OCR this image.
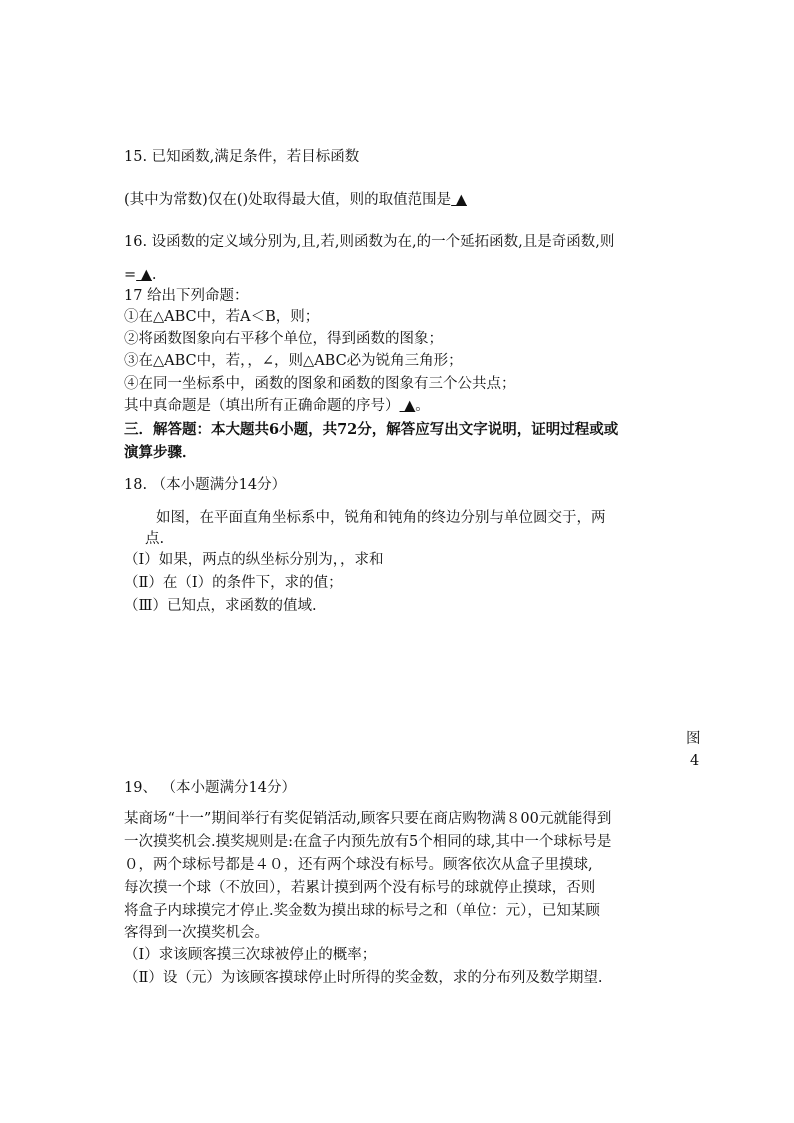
15. 已知函数,满足条件，若目标函数
(其中为常数)仅在()处取得最大值，则的取值范围是 ▲
16. 设函数的定义域分别为,且,若,则函数为在,的一个延拓函数,且是奇函数,则
= ▲.
17 给出下列命题：
①在△ABC中，若A＜B，则；
②将函数图象向右平移个单位，得到函数的图象；
③在△ABC中，若，，∠，则△ABC必为锐角三角形；
④在同一坐标系中，函数的图象和函数的图象有三个公共点；
其中真命题是（填出所有正确命题的序号） ▲。
三．解答题：本大题共6小题，共72分，解答应写出文字说明，证明过程或或
演算步骤．
18. （本小题满分14分）
如图，在平面直角坐标系中，锐角和钝角的终边分别与单位圆交于，两
点.
（Ⅰ）如果，两点的纵坐标分别为，，求和
（Ⅱ）在（Ⅰ）的条件下，求的值；
（Ⅲ）已知点，求函数的值域.
图
4
19、 （本小题满分14分）
某商场“十一”期间举行有奖促销活动,顾客只要在商店购物满８00元就能得到
一次摸奖机会.摸奖规则是:在盒子内预先放有5个相同的球,其中一个球标号是
０，两个球标号都是４０，还有两个球没有标号。顾客依次从盒子里摸球,
每次摸一个球（不放回），若累计摸到两个没有标号的球就停止摸球，否则
将盒子内球摸完才停止.奖金数为摸出球的标号之和（单位：元），已知某顾
客得到一次摸奖机会。
（Ⅰ）求该顾客摸三次球被停止的概率；
（Ⅱ）设（元）为该顾客摸球停止时所得的奖金数，求的分布列及数学期望.
